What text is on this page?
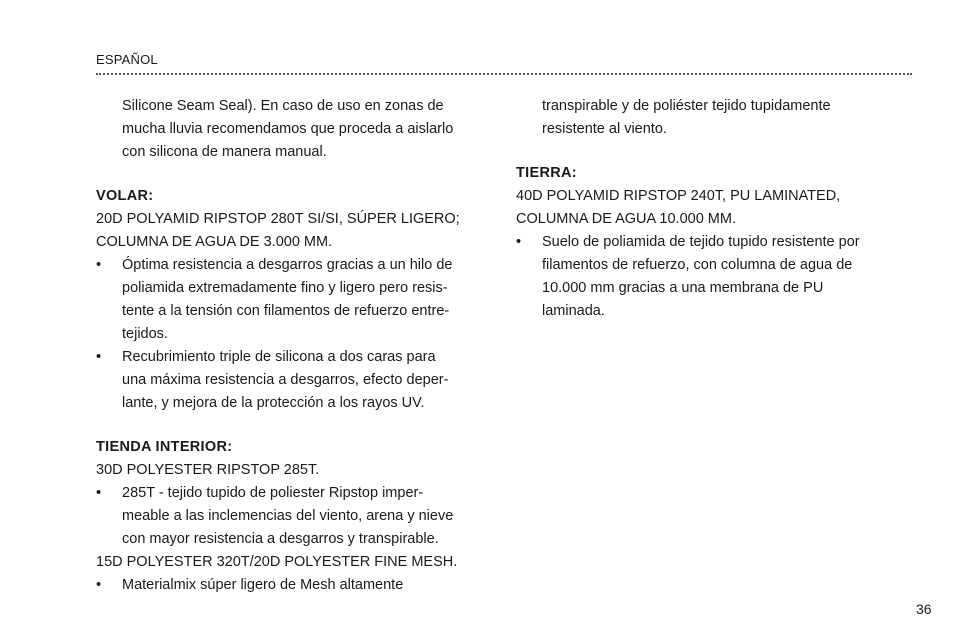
ESPAÑOL
Silicone Seam Seal). En caso de uso en zonas de
mucha lluvia recomendamos que proceda a aislarlo
con silicona de manera manual.
VOLAR:
20D POLYAMID RIPSTOP 280T SI/SI, SÚPER LIGERO;
COLUMNA DE AGUA DE 3.000 MM.
•	Óptima resistencia a desgarros gracias a un hilo de
poliamida extremadamente fino y ligero pero resis-
tente a la tensión con filamentos de refuerzo entre-
tejidos.
•	Recubrimiento triple de silicona a dos caras para
una máxima resistencia a desgarros, efecto deper-
lante, y mejora de la protección a los rayos UV.
TIENDA INTERIOR:
30D POLYESTER RIPSTOP 285T.
•	285T - tejido tupido de poliester Ripstop imper-
meable a las inclemencias del viento, arena y nieve
con mayor resistencia a desgarros y transpirable.
15D POLYESTER 320T/20D POLYESTER FINE MESH.
•	Materialmix súper ligero de Mesh altamente
transpirable y de poliéster tejido tupidamente
resistente al viento.
TIERRA:
40D POLYAMID RIPSTOP 240T, PU LAMINATED,
COLUMNA DE AGUA 10.000 MM.
•	Suelo de poliamida de tejido tupido resistente por
filamentos de refuerzo, con columna de agua de
10.000 mm gracias a una membrana de PU
laminada.
36
